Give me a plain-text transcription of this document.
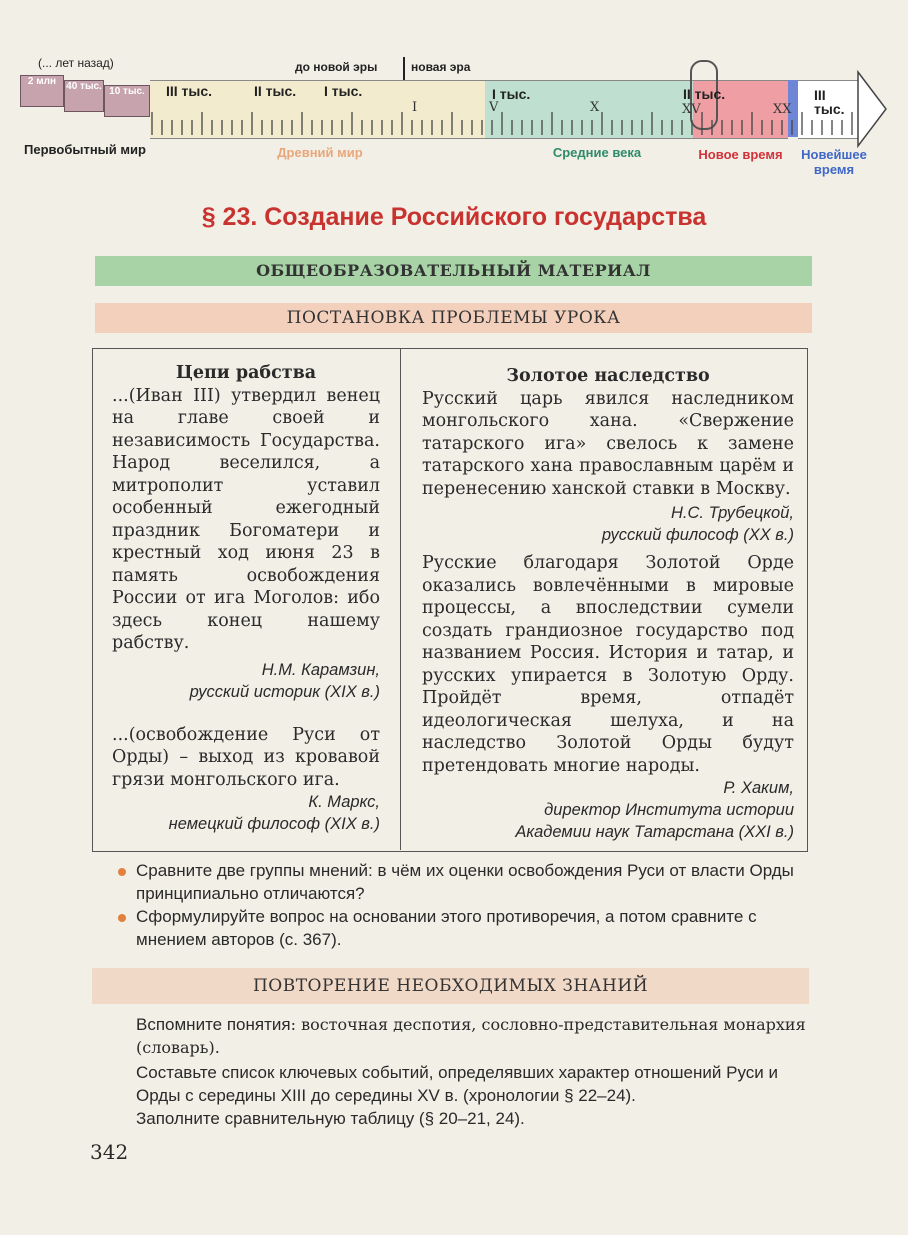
(... лет назад)	до новой эры	новая эра
2 млн	40 тыс. 10 тыс.	III тыс.	II тыс. I тыс.	I тыс.	II тыс.	III тыс.
I	V	X	XV	XX
Первобытный мир	Древний мир	Средние века	Новое время	Новейшее время
§ 23. Создание Российского государства
ОБЩЕОБРАЗОВАТЕЛЬНЫЙ МАТЕРИАЛ
ПОСТАНОВКА ПРОБЛЕМЫ УРОКА
Цепи рабства

...(Иван III) утвердил венец на главе своей и независимость Государства. Народ веселился, а митрополит уставил особенный ежегодный праздник Богоматери и крестный ход июня 23 в память освобождения России от ига Моголов: ибо здесь конец нашему рабству.

Н.М. Карамзин,
русский историк (XIX в.)

...(освобождение Руси от Орды) – выход из кровавой грязи монгольского ига.

К. Маркс,
немецкий философ (XIX в.)
Золотое наследство

Русский царь явился наследником монгольского хана. «Свержение татарского ига» свелось к замене татарского хана православным царём и перенесению ханской ставки в Москву.

Н.С. Трубецкой,
русский философ (XX в.)

Русские благодаря Золотой Орде оказались вовлечёнными в мировые процессы, а впоследствии сумели создать грандиозное государство под названием Россия. История и татар, и русских упирается в Золотую Орду. Пройдёт время, отпадёт идеологическая шелуха, и на наследство Золотой Орды будут претендовать многие народы.

Р. Хаким,
директор Института истории
Академии наук Татарстана (XXI в.)
Сравните две группы мнений: в чём их оценки освобождения Руси от власти Орды принципиально отличаются?
Сформулируйте вопрос на основании этого противоречия, а потом сравните с мнением авторов (с. 367).
ПОВТОРЕНИЕ НЕОБХОДИМЫХ ЗНАНИЙ
Вспомните понятия: восточная деспотия, сословно-представительная монархия (словарь).
Составьте список ключевых событий, определявших характер отношений Руси и Орды с середины XIII до середины XV в. (хронологии § 22–24).
Заполните сравнительную таблицу (§ 20–21, 24).
342
